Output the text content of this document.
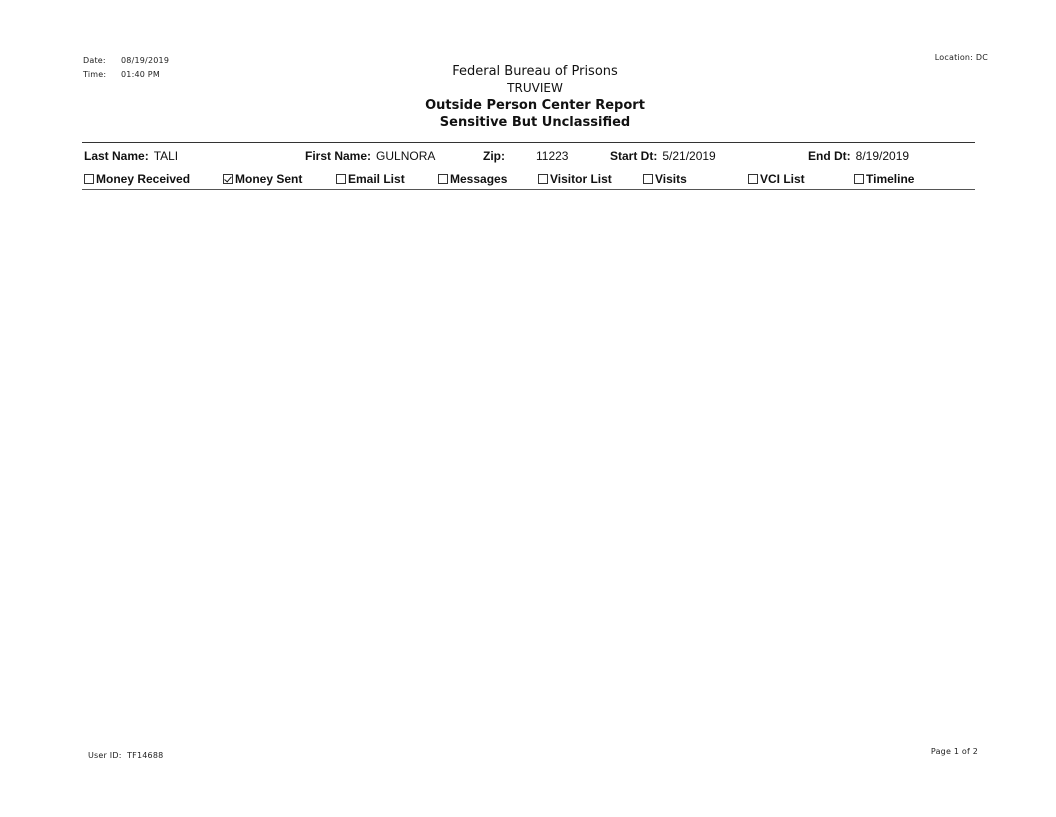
Date: 08/19/2019
Time: 01:40 PM
Location: DC
Federal Bureau of Prisons
TRUVIEW
Outside Person Center Report
Sensitive But Unclassified
Last Name: TALI	First Name: GULNORA	Zip:	11223	Start Dt: 5/21/2019	End Dt: 8/19/2019
Money Received	Money Sent	Email List	Messages	Visitor List	Visits	VCI List	Timeline
User ID: TF14688	Page 1 of 2
